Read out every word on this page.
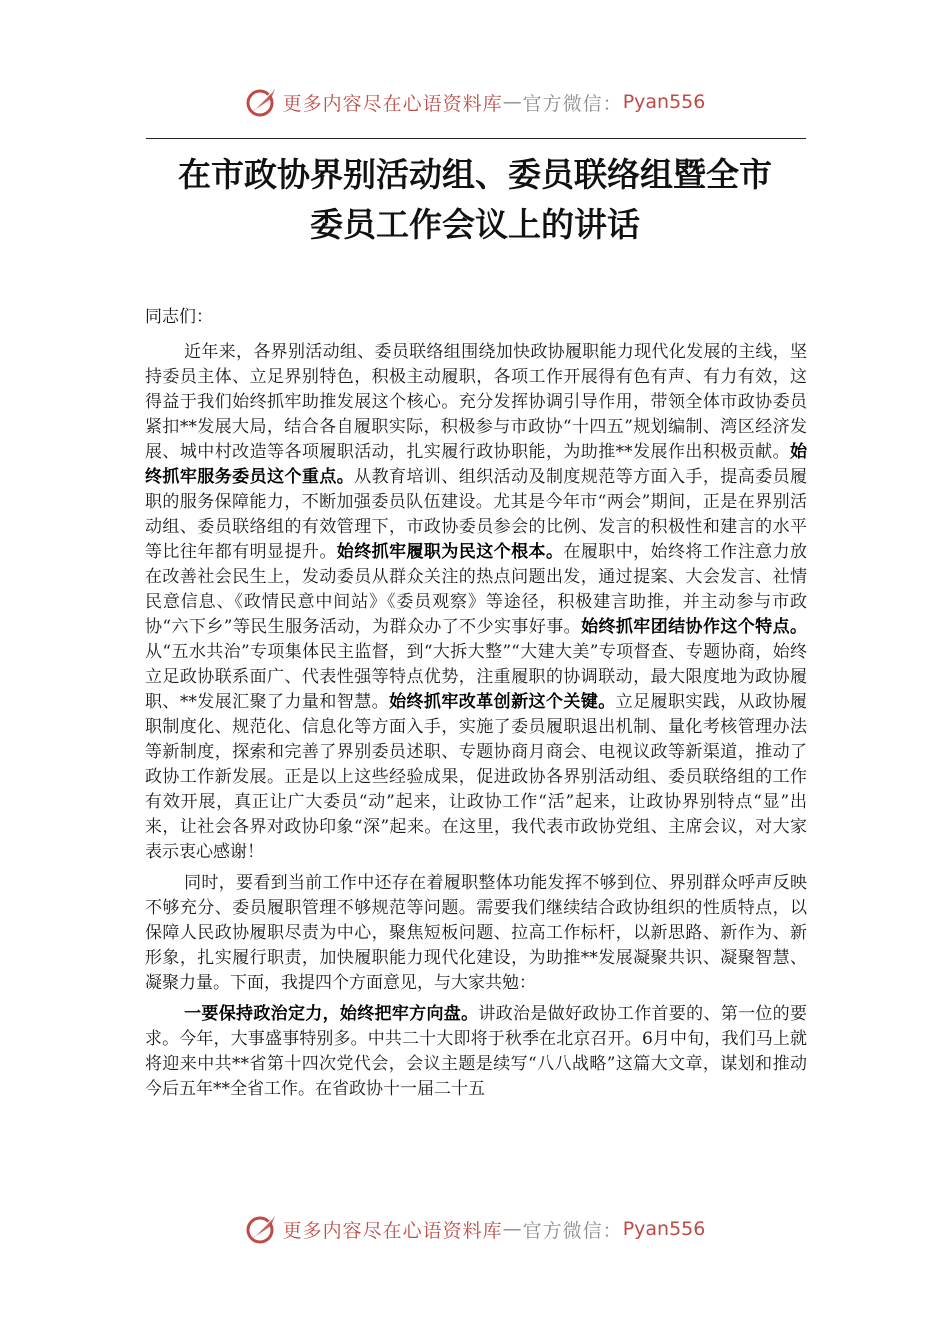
更多内容尽在心语资料库 — 官方微信： Pyan556
在市政协界别活动组、委员联络组暨全市
委员工作会议上的讲话

同志们：

近年来，各界别活动组、委员联络组围绕加快政协履职能力现代化发展的主线，坚持委员主体、立足界别特色，积极主动履职，各项工作开展得有色有声、有力有效，这得益于我们始终抓牢助推发展这个核心。充分发挥协调引导作用，带领全体市政协委员紧扣**发展大局，结合各自履职实际，积极参与市政协“十四五”规划编制、湾区经济发展、城中村改造等各项履职活动，扎实履行政协职能，为助推**发展作出积极贡献。始终抓牢服务委员这个重点。从教育培训、组织活动及制度规范等方面入手，提高委员履职的服务保障能力，不断加强委员队伍建设。尤其是今年市“两会”期间，正是在界别活动组、委员联络组的有效管理下，市政协委员参会的比例、发言的积极性和建言的水平等比往年都有明显提升。始终抓牢履职为民这个根本。在履职中，始终将工作注意力放在改善社会民生上，发动委员从群众关注的热点问题出发，通过提案、大会发言、社情民意信息、《政情民意中间站》《委员观察》等途径，积极建言助推，并主动参与市政协“六下乡”等民生服务活动，为群众办了不少实事好事。始终抓牢团结协作这个特点。从“五水共治”专项集体民主监督，到“大拆大整”“大建大美”专项督查、专题协商，始终立足政协联系面广、代表性强等特点优势，注重履职的协调联动，最大限度地为政协履职、**发展汇聚了力量和智慧。始终抓牢改革创新这个关键。立足履职实践，从政协履职制度化、规范化、信息化等方面入手，实施了委员履职退出机制、量化考核管理办法等新制度，探索和完善了界别委员述职、专题协商月商会、电视议政等新渠道，推动了政协工作新发展。正是以上这些经验成果，促进政协各界别活动组、委员联络组的工作有效开展，真正让广大委员“动”起来，让政协工作“活”起来，让政协界别特点“显”出来，让社会各界对政协印象“深”起来。在这里，我代表市政协党组、主席会议，对大家表示衷心感谢！

同时，要看到当前工作中还存在着履职整体功能发挥不够到位、界别群众呼声反映不够充分、委员履职管理不够规范等问题。需要我们继续结合政协组织的性质特点，以保障人民政协履职尽责为中心，聚焦短板问题、拉高工作标杆，以新思路、新作为、新形象，扎实履行职责，加快履职能力现代化建设，为助推**发展凝聚共识、凝聚智慧、凝聚力量。下面，我提四个方面意见，与大家共勉：

一要保持政治定力，始终把牢方向盘。讲政治是做好政协工作首要的、第一位的要求。今年，大事盛事特别多。中共二十大即将于秋季在北京召开。6月中旬，我们马上就将迎来中共**省第十四次党代会，会议主题是续写“八八战略”这篇大文章，谋划和推动今后五年**全省工作。在省政协十一届二十五

更多内容尽在心语资料库 — 官方微信： Pyan556
